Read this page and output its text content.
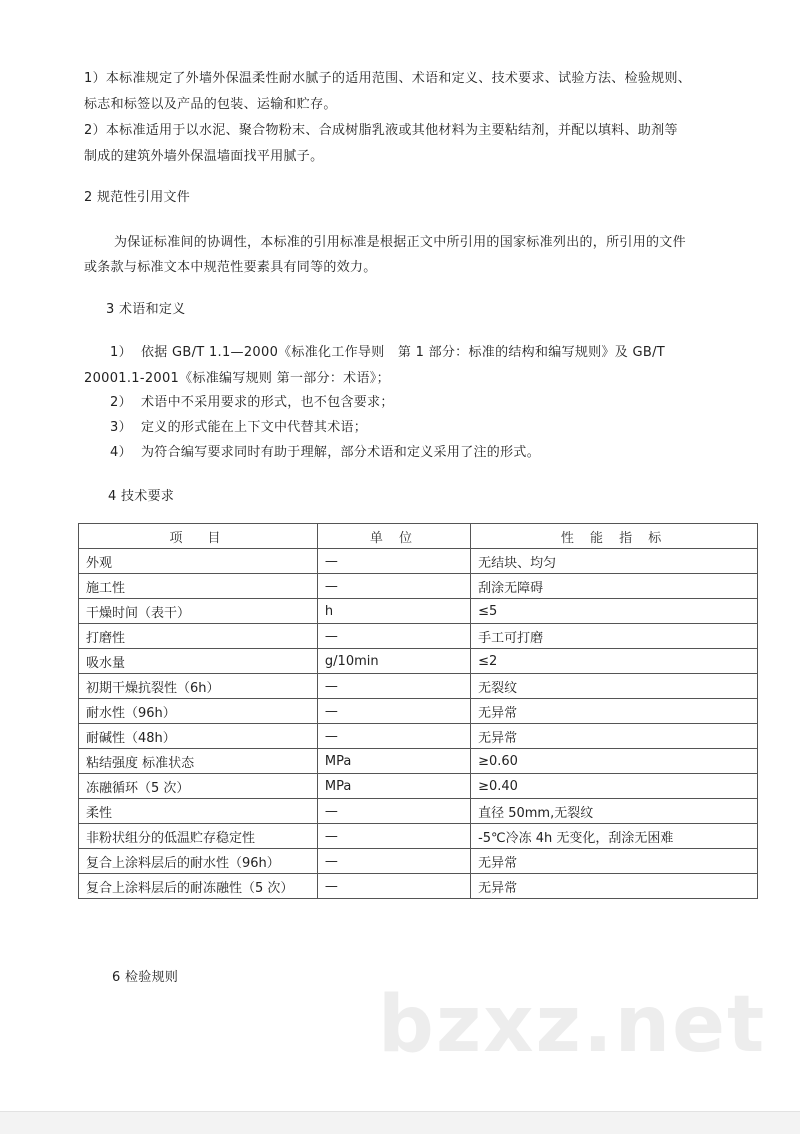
1）本标准规定了外墙外保温柔性耐水腻子的适用范围、术语和定义、技术要求、试验方法、检验规则、
标志和标签以及产品的包装、运输和贮存。
2）本标准适用于以水泥、聚合物粉末、合成树脂乳液或其他材料为主要粘结剂，并配以填料、助剂等
制成的建筑外墙外保温墙面找平用腻子。
2 规范性引用文件
为保证标准间的协调性，本标准的引用标准是根据正文中所引用的国家标准列出的，所引用的文件
或条款与标准文本中规范性要素具有同等的效力。
3 术语和定义
1） 依据 GB/T 1.1—2000《标准化工作导则　第 1 部分：标准的结构和编写规则》及 GB/T
20001.1-2001《标准编写规则 第一部分：术语》；
2） 术语中不采用要求的形式，也不包含要求；
3） 定义的形式能在上下文中代替其术语；
4） 为符合编写要求同时有助于理解，部分术语和定义采用了注的形式。
4 技术要求
项　目	单 位	性 能 指 标
外观	—	无结块、均匀
施工性	—	刮涂无障碍
干燥时间（表干）	h	≤5
打磨性	—	手工可打磨
吸水量	g/10min	≤2
初期干燥抗裂性（6h）	—	无裂纹
耐水性（96h）	—	无异常
耐碱性（48h）	—	无异常
粘结强度 标准状态	MPa	≥0.60
冻融循环（5 次）	MPa	≥0.40
柔性	—	直径 50mm,无裂纹
非粉状组分的低温贮存稳定性	—	-5℃冷冻 4h 无变化，刮涂无困难
复合上涂料层后的耐水性（96h）	—	无异常
复合上涂料层后的耐冻融性（5 次）	—	无异常
6 检验规则
bzxz.net
